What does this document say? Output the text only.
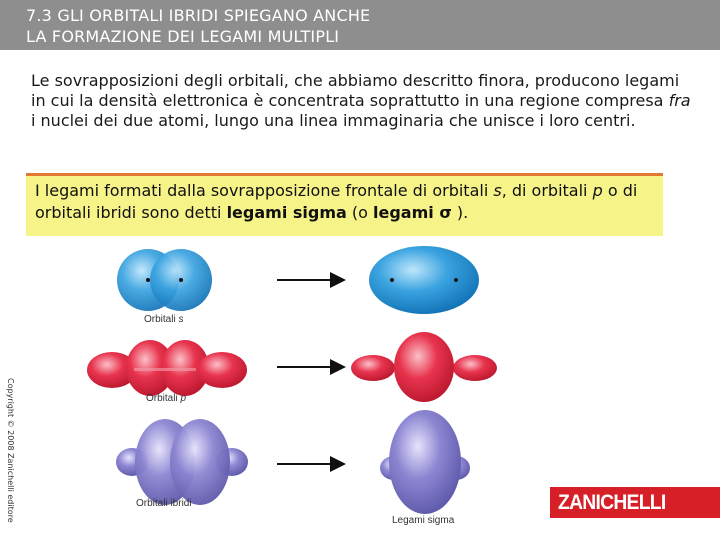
7.3 GLI ORBITALI IBRIDI SPIEGANO ANCHE
LA FORMAZIONE DEI LEGAMI MULTIPLI

Le sovrapposizioni degli orbitali, che abbiamo descritto finora, producono legami in cui la densità elettronica è concentrata soprattutto in una regione compresa fra i nuclei dei due atomi, lungo una linea immaginaria che unisce i loro centri.

I legami formati dalla sovrapposizione frontale di orbitali s, di orbitali p o di orbitali ibridi sono detti legami sigma (o legami σ ).

Orbitali s
Orbitali p
Orbitali ibridi
Legami sigma
Copyright © 2008 Zanichelli editore	ZANICHELLI
